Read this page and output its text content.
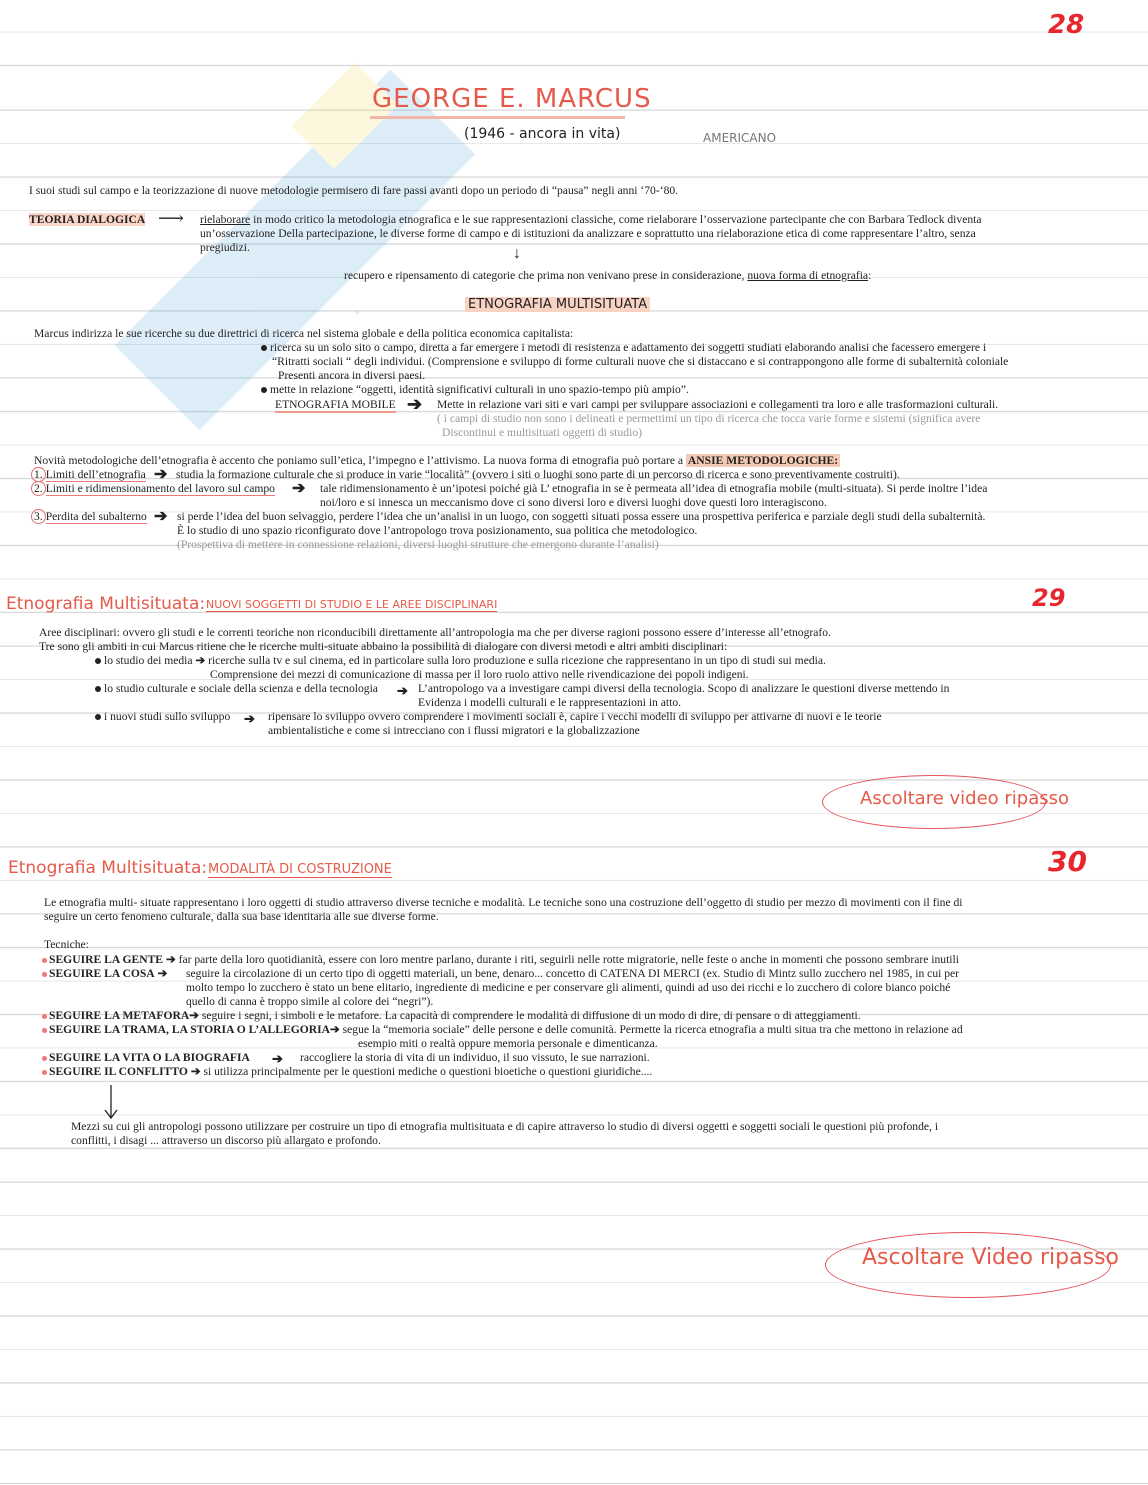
.
28
29
30
GEORGE E. MARCUS
(1946 - ancora in vita)	AMERICANO
I suoi studi sul campo e la teorizzazione di nuove metodologie permisero di fare passi avanti dopo un periodo di “pausa” negli anni ‘70-‘80.
TEORIA DIALOGICA ⟶ rielaborare in modo critico la metodologia etnografica e le sue rappresentazioni classiche, come rielaborare l’osservazione partecipante che con Barbara Tedlock diventa
un’osservazione Della partecipazione, le diverse forme di campo e di istituzioni da analizzare e soprattutto una rielaborazione etica di come rappresentare l’altro, senza
pregiudizi.	↓
recupero e ripensamento di categorie che prima non venivano prese in considerazione, nuova forma di etnografia:
ETNOGRAFIA MULTISITUATA
Marcus indirizza le sue ricerche su due direttrici di ricerca nel sistema globale e della politica economica capitalista:
ricerca su un solo sito o campo, diretta a far emergere i metodi di resistenza e adattamento dei soggetti studiati elaborando analisi che facessero emergere i
“Ritratti sociali “ degli individui. (Comprensione e sviluppo di forme culturali nuove che si distaccano e si contrappongono alle forme di subalternità coloniale
Presenti ancora in diversi paesi.
mette in relazione “oggetti, identità significativi culturali in uno spazio-tempo più ampio”.
ETNOGRAFIA MOBILE ➔ Mette in relazione vari siti e vari campi per sviluppare associazioni e collegamenti tra loro e alle trasformazioni culturali.
( i campi di studio non sono i delineati e permettimi un tipo di ricerca che tocca varie forme e sistemi (significa avere
Discontinui e multisituati oggetti di studio)
Novità metodologiche dell’etnografia è accento che poniamo sull’etica, l’impegno e l’attivismo. La nuova forma di etnografia può portare a ANSIE METODOLOGICHE:
1. Limiti dell’etnografia ➔ studia la formazione culturale che si produce in varie “località” (ovvero i siti o luoghi sono parte di un percorso di ricerca e sono preventivamente costruiti).
2. Limiti e ridimensionamento del lavoro sul campo ➔ tale ridimensionamento è un’ipotesi poiché già L’ etnografia in se è permeata all’idea di etnografia mobile (multi-situata). Si perde inoltre l’idea
noi/loro e si innesca un meccanismo dove ci sono diversi loro e diversi luoghi dove questi loro interagiscono.
3. Perdita del subalterno ➔ si perde l’idea del buon selvaggio, perdere l’idea che un’analisi in un luogo, con soggetti situati possa essere una prospettiva periferica e parziale degli studi della subalternità.
È lo studio di uno spazio riconfigurato dove l’antropologo trova posizionamento, sua politica che metodologico.
(Prospettiva di mettere in connessione relazioni, diversi luoghi strutture che emergono durante l’analisi)
Etnografia Multisituata: NUOVI SOGGETTI DI STUDIO E LE AREE DISCIPLINARI
Aree disciplinari: ovvero gli studi e le correnti teoriche non riconducibili direttamente all’antropologia ma che per diverse ragioni possono essere d’interesse all’etnografo.
Tre sono gli ambiti in cui Marcus ritiene che le ricerche multi-situate abbaino la possibilità di dialogare con diversi metodi e altri ambiti disciplinari:
lo studio dei media ➔ ricerche sulla tv e sul cinema, ed in particolare sulla loro produzione e sulla ricezione che rappresentano in un tipo di studi sui media.
Comprensione dei mezzi di comunicazione di massa per il loro ruolo attivo nelle rivendicazione dei popoli indigeni.
lo studio culturale e sociale della scienza e della tecnologia ➔ L’antropologo va a investigare campi diversi della tecnologia. Scopo di analizzare le questioni diverse mettendo in
Evidenza i modelli culturali e le rappresentazioni in atto.
i nuovi studi sullo sviluppo ➔ ripensare lo sviluppo ovvero comprendere i movimenti sociali è, capire i vecchi modelli di sviluppo per attivarne di nuovi e le teorie
ambientalistiche e come si intrecciano con i flussi migratori e la globalizzazione
Ascoltare video ripasso
Etnografia Multisituata: MODALITÀ DI COSTRUZIONE
Le etnografia multi- situate rappresentano i loro oggetti di studio attraverso diverse tecniche e modalità. Le tecniche sono una costruzione dell’oggetto di studio per mezzo di movimenti con il fine di
seguire un certo fenomeno culturale, dalla sua base identitaria alle sue diverse forme.
Tecniche:
SEGUIRE LA GENTE ➔ far parte della loro quotidianità, essere con loro mentre parlano, durante i riti, seguirli nelle rotte migratorie, nelle feste o anche in momenti che possono sembrare inutili
SEGUIRE LA COSA ➔ seguire la circolazione di un certo tipo di oggetti materiali, un bene, denaro... concetto di CATENA DI MERCI (ex. Studio di Mintz sullo zucchero nel 1985, in cui per
molto tempo lo zucchero è stato un bene elitario, ingrediente di medicine e per conservare gli alimenti, quindi ad uso dei ricchi e lo zucchero di colore bianco poiché
quello di canna è troppo simile al colore dei “negri”).
SEGUIRE LA METAFORA➔ seguire i segni, i simboli e le metafore. La capacità di comprendere le modalità di diffusione di un modo di dire, di pensare o di atteggiamenti.
SEGUIRE LA TRAMA, LA STORIA O L’ALLEGORIA➔ segue la “memoria sociale” delle persone e delle comunità. Permette la ricerca etnografia a multi situa tra che mettono in relazione ad
esempio miti o realtà oppure memoria personale e dimenticanza.
SEGUIRE LA VITA O LA BIOGRAFIA ➔ raccogliere la storia di vita di un individuo, il suo vissuto, le sue narrazioni.
SEGUIRE IL CONFLITTO ➔ si utilizza principalmente per le questioni mediche o questioni bioetiche o questioni giuridiche....
Mezzi su cui gli antropologi possono utilizzare per costruire un tipo di etnografia multisituata e di capire attraverso lo studio di diversi oggetti e soggetti sociali le questioni più profonde, i
conflitti, i disagi ... attraverso un discorso più allargato e profondo.
Ascoltare Video ripasso
